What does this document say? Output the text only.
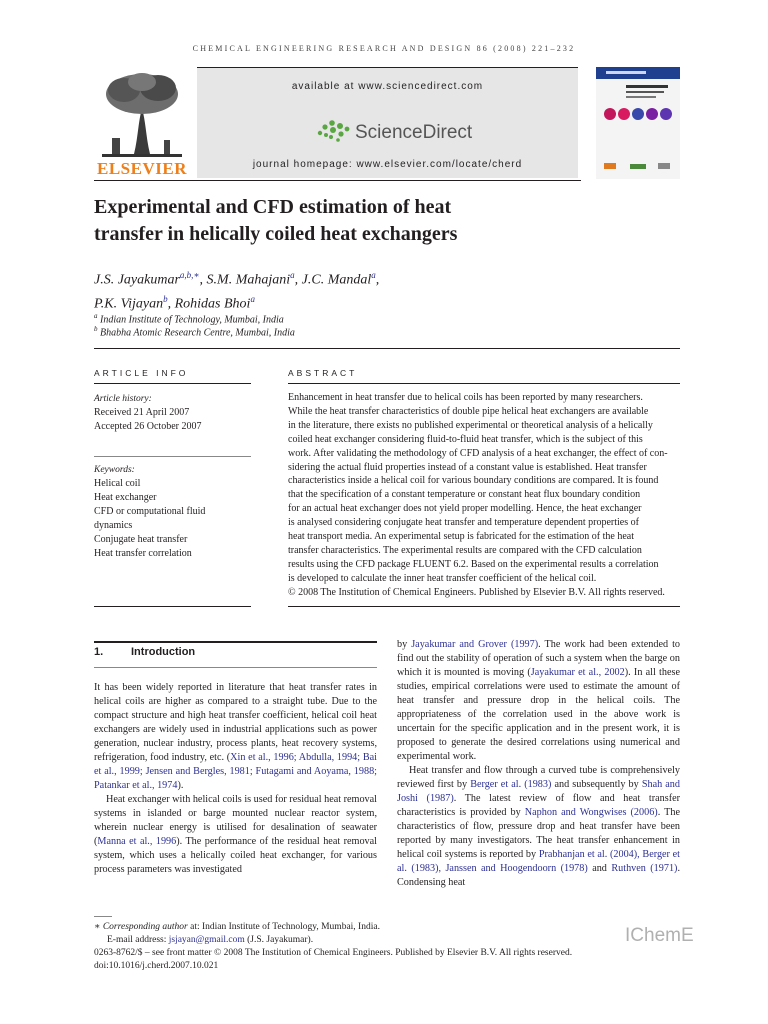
CHEMICAL ENGINEERING RESEARCH AND DESIGN 86 (2008) 221–232
ELSEVIER
available at www.sciencedirect.com
ScienceDirect
journal homepage: www.elsevier.com/locate/cherd
Experimental and CFD estimation of heat
transfer in helically coiled heat exchangers
J.S. Jayakumar$^{a,b,∗}$, S.M. Mahajani$^a$, J.C. Mandal$^a$,
P.K. Vijayan$^b$, Rohidas Bhoi$^a$
$^a$ Indian Institute of Technology, Mumbai, India
$^b$ Bhabha Atomic Research Centre, Mumbai, India
ARTICLE INFO
Article history:
Received 21 April 2007
Accepted 26 October 2007
Keywords:
Helical coil
Heat exchanger
CFD or computational fluid
dynamics
Conjugate heat transfer
Heat transfer correlation
ABSTRACT
Enhancement in heat transfer due to helical coils has been reported by many researchers.
While the heat transfer characteristics of double pipe helical heat exchangers are available
in the literature, there exists no published experimental or theoretical analysis of a helically
coiled heat exchanger considering fluid-to-fluid heat transfer, which is the subject of this
work. After validating the methodology of CFD analysis of a heat exchanger, the effect of con-
sidering the actual fluid properties instead of a constant value is established. Heat transfer
characteristics inside a helical coil for various boundary conditions are compared. It is found
that the specification of a constant temperature or constant heat flux boundary condition
for an actual heat exchanger does not yield proper modelling. Hence, the heat exchanger
is analysed considering conjugate heat transfer and temperature dependent properties of
heat transport media. An experimental setup is fabricated for the estimation of the heat
transfer characteristics. The experimental results are compared with the CFD calculation
results using the CFD package FLUENT 6.2. Based on the experimental results a correlation
is developed to calculate the inner heat transfer coefficient of the helical coil.
© 2008 The Institution of Chemical Engineers. Published by Elsevier B.V. All rights reserved.
1.	Introduction

It has been widely reported in literature that heat transfer rates in helical coils are higher as compared to a straight tube. Due to the compact structure and high heat transfer coefficient, helical coil heat exchangers are widely used in industrial applications such as power generation, nuclear industry, process plants, heat recovery systems, refrigeration, food industry, etc. (Xin et al., 1996; Abdulla, 1994; Bai et al., 1999; Jensen and Bergles, 1981; Futagami and Aoyama, 1988; Patankar et al., 1974).

Heat exchanger with helical coils is used for residual heat removal systems in islanded or barge mounted nuclear reactor system, wherein nuclear energy is utilised for desalination of seawater (Manna et al., 1996). The performance of the residual heat removal system, which uses a helically coiled heat exchanger, for various process parameters was investigated

by Jayakumar and Grover (1997). The work had been extended to find out the stability of operation of such a system when the barge on which it is mounted is moving (Jayakumar et al., 2002). In all these studies, empirical correlations were used to estimate the amount of heat transfer and pressure drop in the helical coils. The appropriateness of the correlation used in the above work is uncertain for the specific application and in the present work, it is proposed to generate the desired correlations using numerical and experimental work.

Heat transfer and flow through a curved tube is comprehensively reviewed first by Berger et al. (1983) and subsequently by Shah and Joshi (1987). The latest review of flow and heat transfer characteristics is provided by Naphon and Wongwises (2006). The characteristics of flow, pressure drop and heat transfer have been reported by many investigators. The heat transfer enhancement in helical coil systems is reported by Prabhanjan et al. (2004), Berger et al. (1983), Janssen and Hoogendoorn (1978) and Ruthven (1971). Condensing heat

∗ Corresponding author at: Indian Institute of Technology, Mumbai, India.
E-mail address: jsjayan@gmail.com (J.S. Jayakumar).
0263-8762/$ – see front matter © 2008 The Institution of Chemical Engineers. Published by Elsevier B.V. All rights reserved.
doi:10.1016/j.cherd.2007.10.021
IChemE
